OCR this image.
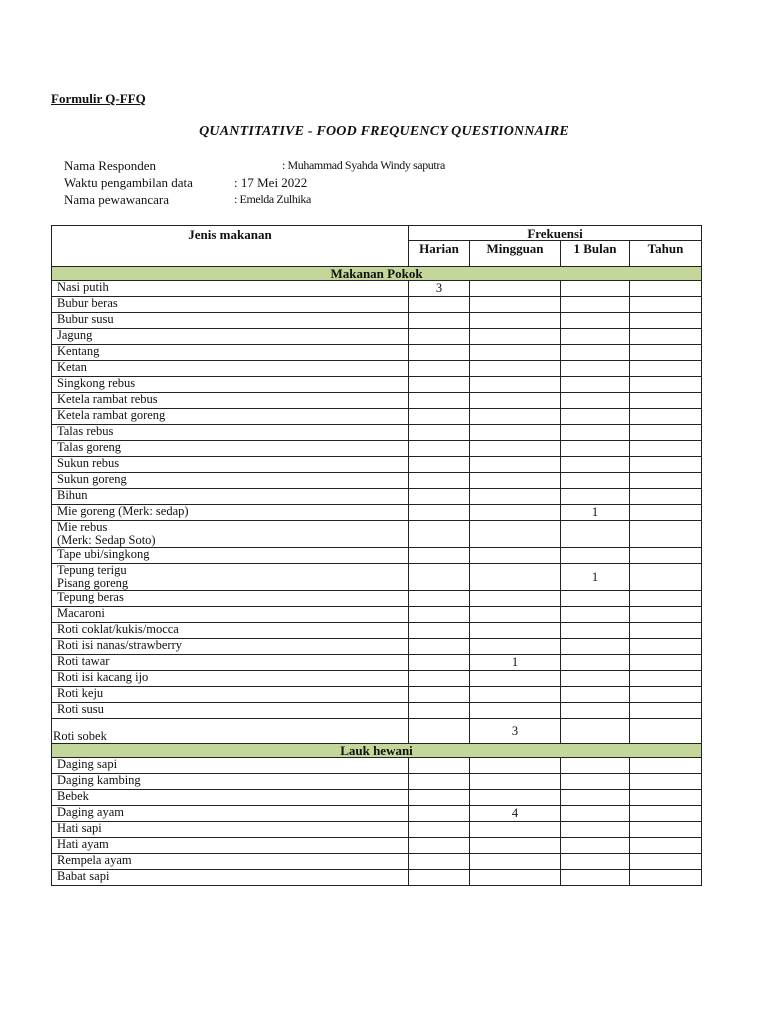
Formulir Q-FFQ
QUANTITATIVE - FOOD FREQUENCY QUESTIONNAIRE
Nama Responden	: Muhammad Syahda Windy saputra
Waktu pengambilan data	: 17 Mei 2022
Nama pewawancara	: Emelda Zulhika
Jenis makanan	Frekuensi			
	Harian	Mingguan	1 Bulan	Tahun
Makanan Pokok				

Nasi putih	3			

Bubur beras				

Bubur susu				

Jagung				

Kentang				

Ketan				

Singkong rebus				

Ketela rambat rebus				

Ketela rambat goreng				

Talas rebus				

Talas goreng				

Sukun rebus				

Sukun goreng				

Bihun				

Mie goreng (Merk: sedap)			1	

Mie rebus
(Merk: Sedap Soto)				

Tape ubi/singkong				

Tepung terigu
Pisang goreng			1	

Tepung beras				

Macaroni				

Roti coklat/kukis/mocca				

Roti isi nanas/strawberry				

Roti tawar		1		

Roti isi kacang ijo				

Roti keju				

Roti susu				

Roti sobek		3		
Lauk hewani				

Daging sapi				

Daging kambing				

Bebek				

Daging ayam		4		

Hati sapi				

Hati ayam				

Rempela ayam				

Babat sapi				
